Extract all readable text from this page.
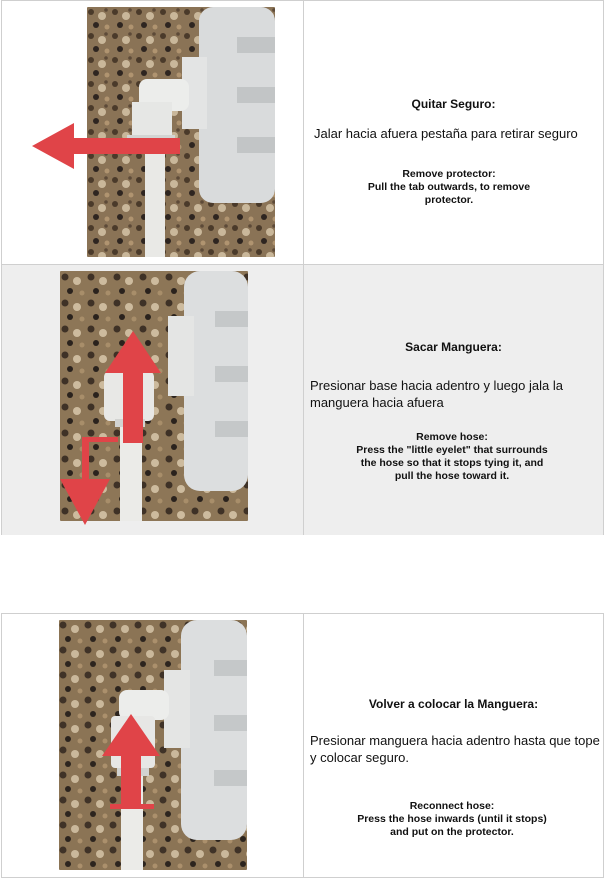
Quitar Seguro:
Jalar hacia afuera pestaña para retirar seguro
Remove protector:
Pull the tab outwards, to remove protector.
Sacar Manguera:
Presionar base hacia adentro y luego jala la manguera hacia afuera
Remove hose:
Press the "little eyelet" that surrounds the hose so that it stops tying it, and pull the hose toward it.
Volver a colocar la Manguera:
Presionar manguera hacia adentro hasta que tope y colocar seguro.
Reconnect hose:
Press the hose inwards (until it stops) and put on the protector.
